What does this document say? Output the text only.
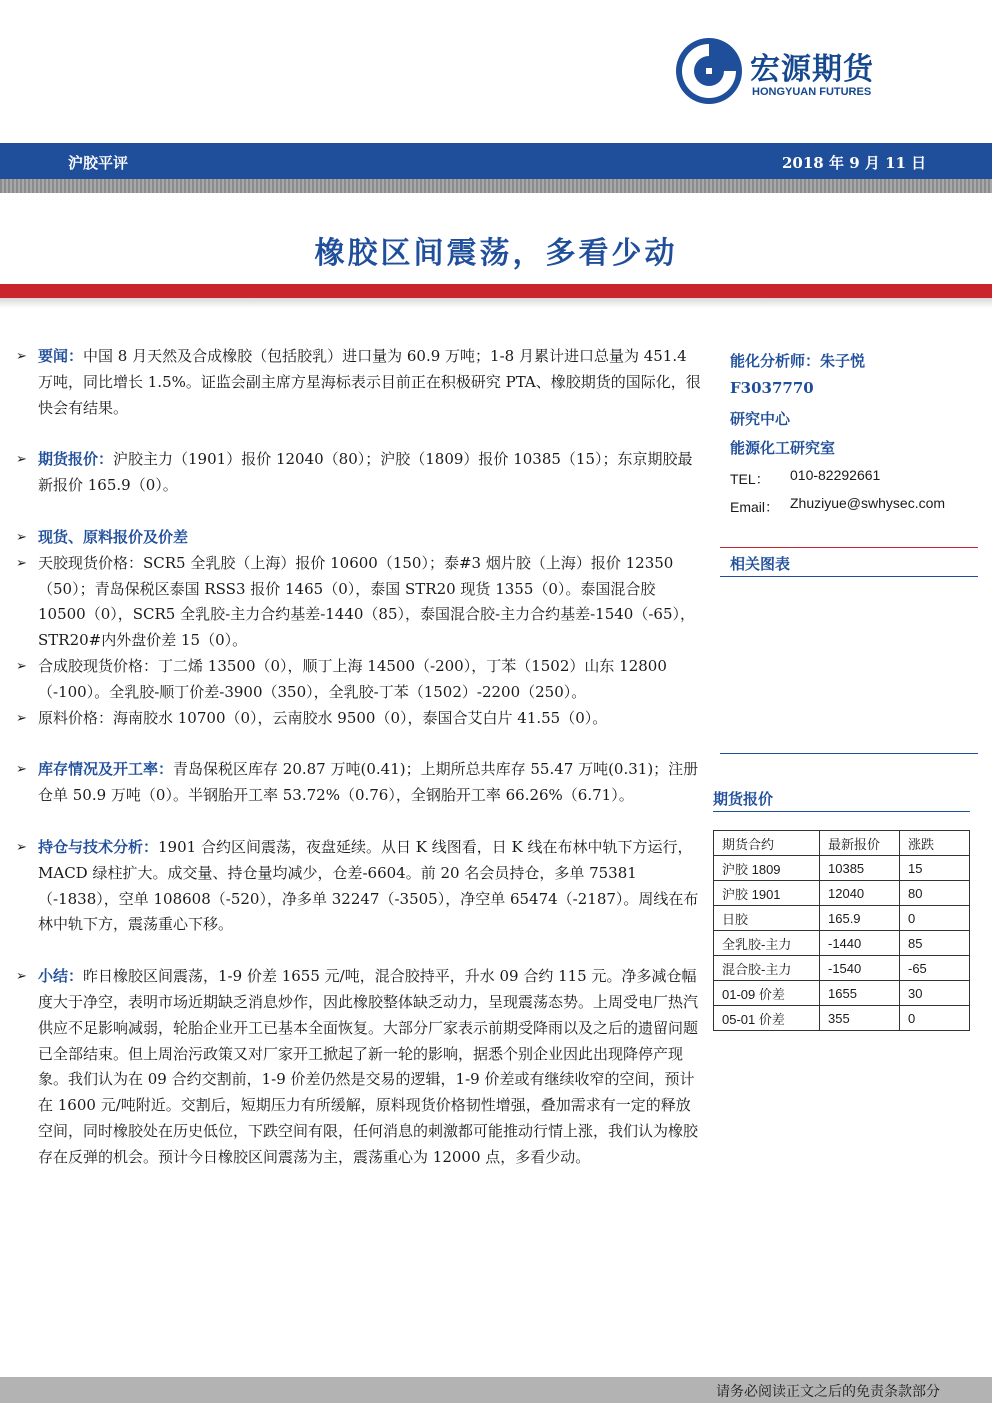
宏源期货
HONGYUAN FUTURES
沪胶平评	2018 年 9 月 11 日
橡胶区间震荡，多看少动

➢ 要闻：中国 8 月天然及合成橡胶（包括胶乳）进口量为 60.9 万吨；1-8 月累计进口总量为 451.4 万吨，同比增长 1.5%。证监会副主席方星海标表示目前正在积极研究 PTA、橡胶期货的国际化，很快会有结果。

➢ 期货报价：沪胶主力（1901）报价 12040（80）；沪胶（1809）报价 10385（15）；东京期胶最新报价 165.9（0）。

➢ 现货、原料报价及价差

➢ 天胶现货价格：SCR5 全乳胶（上海）报价 10600（150）；泰#3 烟片胶（上海）报价 12350（50）；青岛保税区泰国 RSS3 报价 1465（0），泰国 STR20 现货 1355（0）。泰国混合胶 10500（0），SCR5 全乳胶-主力合约基差-1440（85），泰国混合胶-主力合约基差-1540（-65），STR20#内外盘价差 15（0）。

➢ 合成胶现货价格：丁二烯 13500（0），顺丁上海 14500（-200），丁苯（1502）山东 12800（-100）。全乳胶-顺丁价差-3900（350），全乳胶-丁苯（1502）-2200（250）。

➢ 原料价格：海南胶水 10700（0），云南胶水 9500（0），泰国合艾白片 41.55（0）。

➢ 库存情况及开工率：青岛保税区库存 20.87 万吨(0.41)；上期所总共库存 55.47 万吨(0.31)；注册仓单 50.9 万吨（0）。半钢胎开工率 53.72%（0.76），全钢胎开工率 66.26%（6.71）。

➢ 持仓与技术分析：1901 合约区间震荡，夜盘延续。从日 K 线图看，日 K 线在布林中轨下方运行，MACD 绿柱扩大。成交量、持仓量均减少，仓差-6604。前 20 名会员持仓，多单 75381（-1838），空单 108608（-520），净多单 32247（-3505），净空单 65474（-2187）。周线在布林中轨下方，震荡重心下移。

➢ 小结：昨日橡胶区间震荡，1-9 价差 1655 元/吨，混合胶持平，升水 09 合约 115 元。净多减仓幅度大于净空，表明市场近期缺乏消息炒作，因此橡胶整体缺乏动力，呈现震荡态势。上周受电厂热汽供应不足影响减弱，轮胎企业开工已基本全面恢复。大部分厂家表示前期受降雨以及之后的遗留问题已全部结束。但上周治污政策又对厂家开工掀起了新一轮的影响，据悉个别企业因此出现降停产现象。我们认为在 09 合约交割前，1-9 价差仍然是交易的逻辑，1-9 价差或有继续收窄的空间，预计在 1600 元/吨附近。交割后，短期压力有所缓解，原料现货价格韧性增强，叠加需求有一定的释放空间，同时橡胶处在历史低位，下跌空间有限，任何消息的刺激都可能推动行情上涨，我们认为橡胶存在反弹的机会。预计今日橡胶区间震荡为主，震荡重心为 12000 点，多看少动。

能化分析师：朱子悦
F3037770
研究中心
能源化工研究室
TEL： 010-82292661
Email： Zhuziyue@swhysec.com
相关图表
期货报价
期货合约	最新报价	涨跌
沪胶 1809	10385	15
沪胶 1901	12040	80
日胶	165.9	0
全乳胶-主力	-1440	85
混合胶-主力	-1540	-65
01-09 价差	1655	30
05-01 价差	355	0
请务必阅读正文之后的免责条款部分
